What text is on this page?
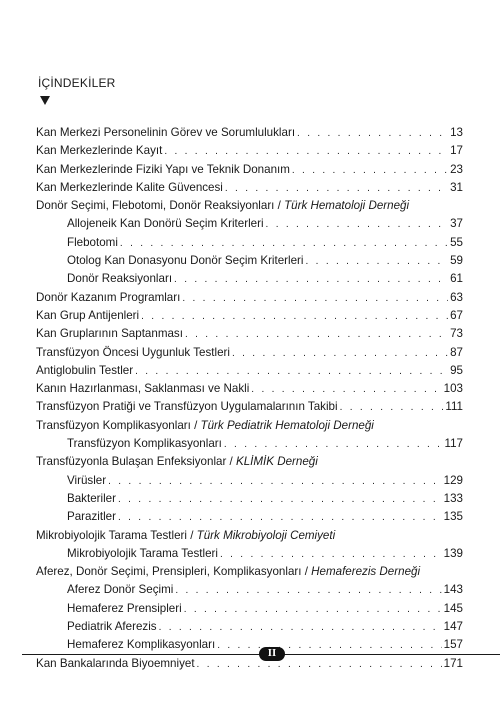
İÇİNDEKİLER
Kan Merkezi Personelinin Görev ve Sorumlulukları . . .	13
Kan Merkezlerinde Kayıt . . .	17
Kan Merkezlerinde Fiziki Yapı ve Teknik Donanım . . .	23
Kan Merkezlerinde Kalite Güvencesi . . .	31
Donör Seçimi, Flebotomi, Donör Reaksiyonları / Türk Hematoloji Derneği
Allojeneik Kan Donörü Seçim Kriterleri . . .	37
Flebotomi . . .	55
Otolog Kan Donasyonu Donör Seçim Kriterleri . . .	59
Donör Reaksiyonları . . .	61
Donör Kazanım Programları . . .	63
Kan Grup Antijenleri . . .	67
Kan Gruplarının Saptanması . . .	73
Transfüzyon Öncesi Uygunluk Testleri . . .	87
Antiglobulin Testler . . .	95
Kanın Hazırlanması, Saklanması ve Nakli . . .	103
Transfüzyon Pratiği ve Transfüzyon Uygulamalarının Takibi . . .	111
Transfüzyon Komplikasyonları / Türk Pediatrik Hematoloji Derneği
Transfüzyon Komplikasyonları . . .	117
Transfüzyonla Bulaşan Enfeksiyonlar / KLİMİK Derneği
Virüsler . . .	129
Bakteriler . . .	133
Parazitler . . .	135
Mikrobiyolojik Tarama Testleri / Türk Mikrobiyoloji Cemiyeti
Mikrobiyolojik Tarama Testleri . . .	139
Aferez, Donör Seçimi, Prensipleri, Komplikasyonları / Hemaferezis Derneği
Aferez Donör Seçimi . . .	143
Hemaferez Prensipleri . . .	145
Pediatrik Aferezis . . .	147
Hemaferez Komplikasyonları . . .	157
Kan Bankalarında Biyoemniyet . . .	171
II
